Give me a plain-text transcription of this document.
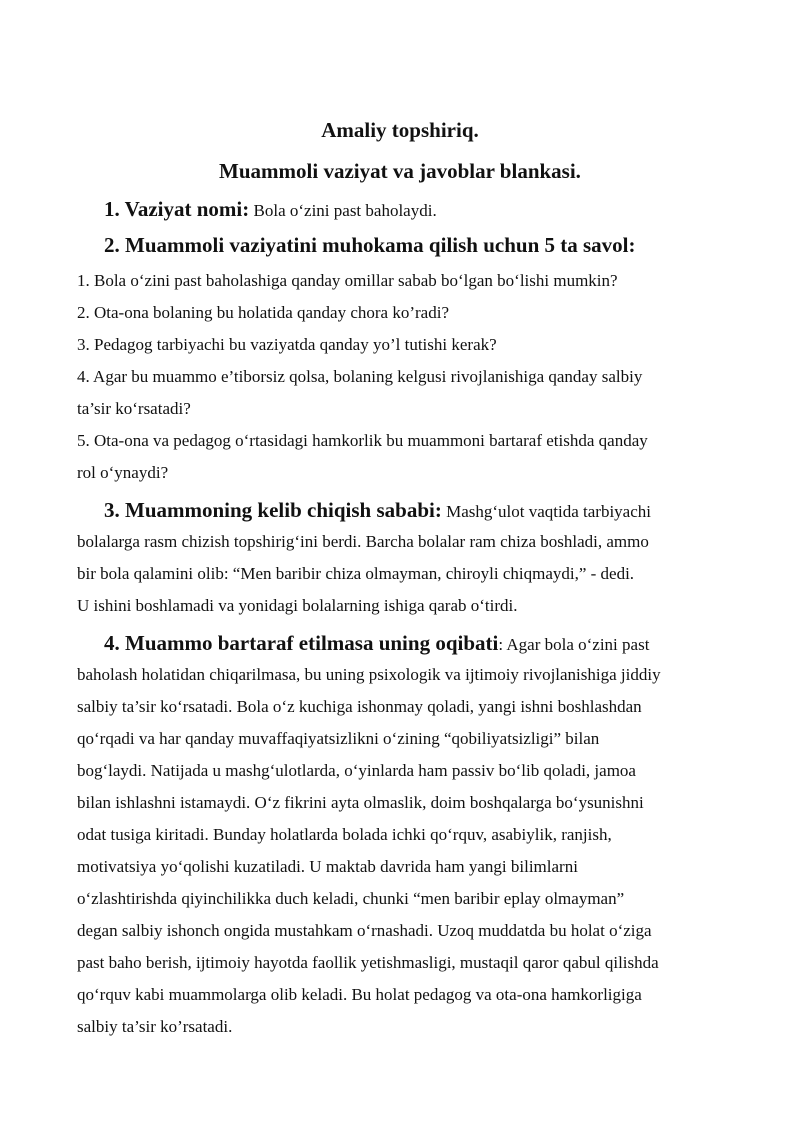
Amaliy topshiriq.
Muammoli vaziyat va javoblar blankasi.
1. Vaziyat nomi: Bola o‘zini past baholaydi.
2. Muammoli vaziyatini muhokama qilish uchun 5 ta savol:
1. Bola o‘zini past baholashiga qanday omillar sabab bo‘lgan bo‘lishi mumkin?
2. Ota-ona bolaning bu holatida qanday chora ko’radi?
3. Pedagog tarbiyachi bu vaziyatda qanday yo’l tutishi kerak?
4. Agar bu muammo e’tiborsiz qolsa, bolaning kelgusi rivojlanishiga qanday salbiy
ta’sir ko‘rsatadi?
5. Ota-ona va pedagog o‘rtasidagi hamkorlik bu muammoni bartaraf etishda qanday
rol o‘ynaydi?
3. Muammoning kelib chiqish sababi: Mashg‘ulot vaqtida tarbiyachi
bolalarga rasm chizish topshirig‘ini berdi. Barcha bolalar ram chiza boshladi, ammo
bir bola qalamini olib: “Men baribir chiza olmayman, chiroyli chiqmaydi,” - dedi.
U ishini boshlamadi va yonidagi bolalarning ishiga qarab o‘tirdi.
4. Muammo bartaraf etilmasa uning oqibati: Agar bola o‘zini past
baholash holatidan chiqarilmasa, bu uning psixologik va ijtimoiy rivojlanishiga jiddiy
salbiy ta’sir ko‘rsatadi. Bola o‘z kuchiga ishonmay qoladi, yangi ishni boshlashdan
qo‘rqadi va har qanday muvaffaqiyatsizlikni o‘zining “qobiliyatsizligi” bilan
bog‘laydi. Natijada u mashg‘ulotlarda, o‘yinlarda ham passiv bo‘lib qoladi, jamoa
bilan ishlashni istamaydi. O‘z fikrini ayta olmaslik, doim boshqalarga bo‘ysunishni
odat tusiga kiritadi. Bunday holatlarda bolada ichki qo‘rquv, asabiylik, ranjish,
motivatsiya yo‘qolishi kuzatiladi. U maktab davrida ham yangi bilimlarni
o‘zlashtirishda qiyinchilikka duch keladi, chunki “men baribir eplay olmayman”
degan salbiy ishonch ongida mustahkam o‘rnashadi. Uzoq muddatda bu holat o‘ziga
past baho berish, ijtimoiy hayotda faollik yetishmasligi, mustaqil qaror qabul qilishda
qo‘rquv kabi muammolarga olib keladi. Bu holat pedagog va ota-ona hamkorligiga
salbiy ta’sir ko’rsatadi.
